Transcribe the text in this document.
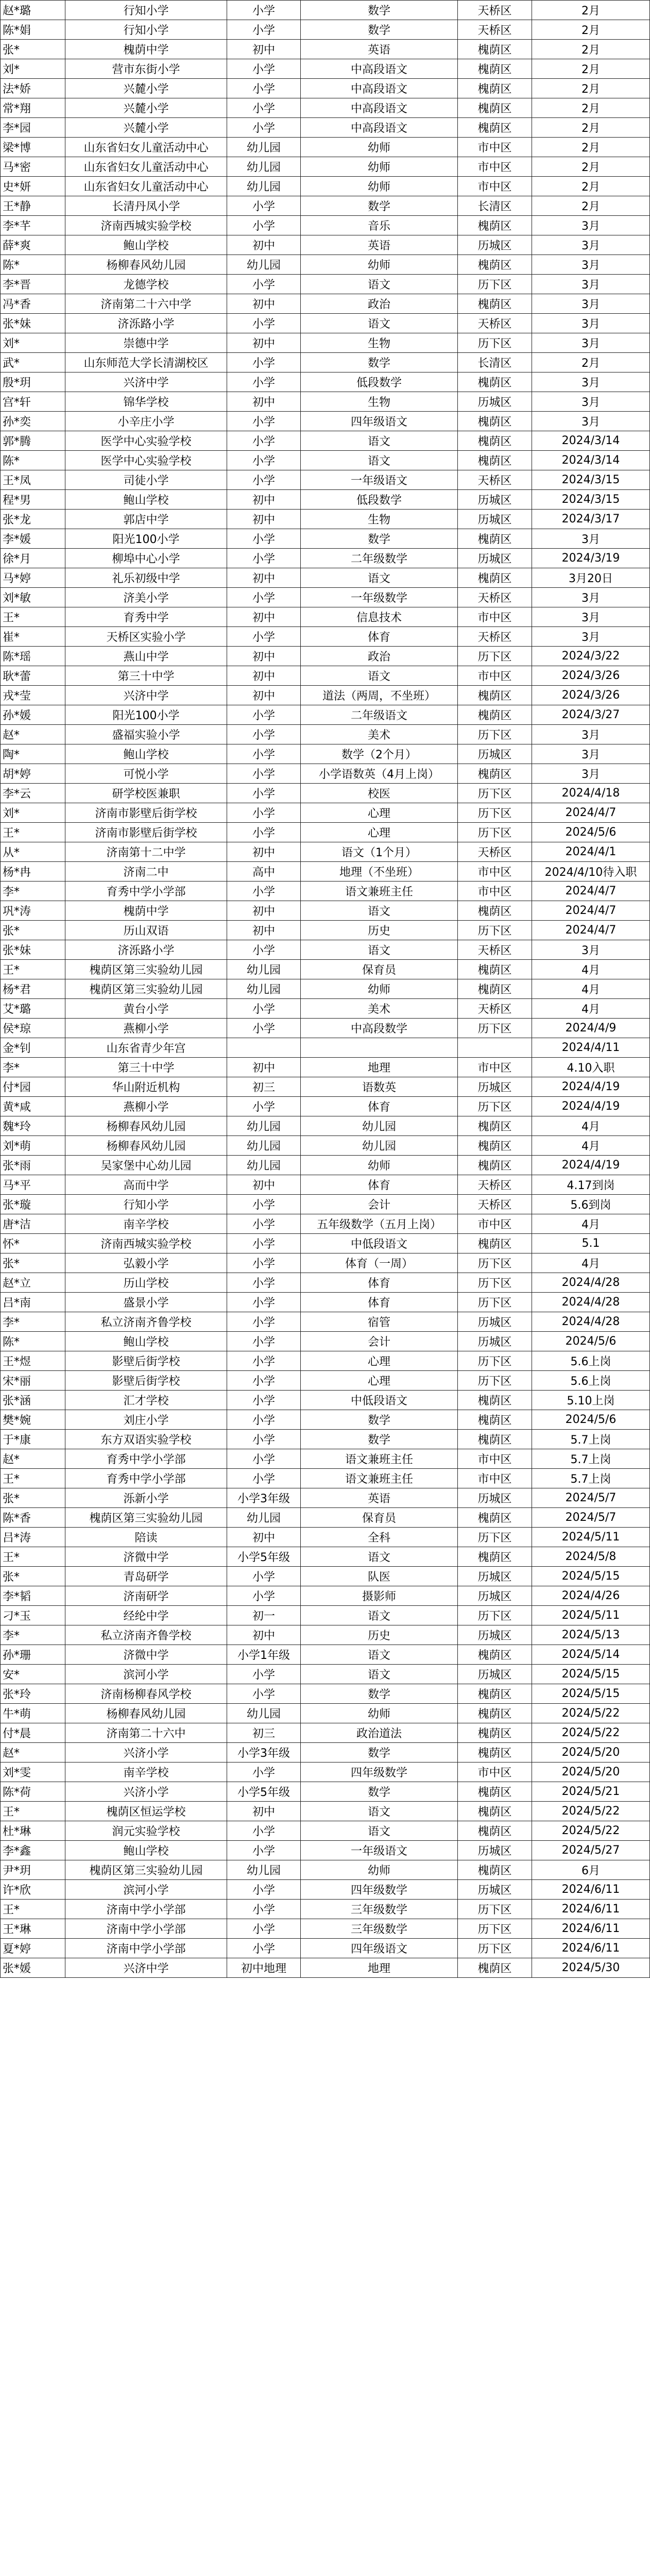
赵*璐	行知小学	小学	数学	天桥区	2月
陈*娟	行知小学	小学	数学	天桥区	2月
张*	槐荫中学	初中	英语	槐荫区	2月
刘*	营市东街小学	小学	中高段语文	槐荫区	2月
法*娇	兴麓小学	小学	中高段语文	槐荫区	2月
常*翔	兴麓小学	小学	中高段语文	槐荫区	2月
李*园	兴麓小学	小学	中高段语文	槐荫区	2月
梁*博	山东省妇女儿童活动中心	幼儿园	幼师	市中区	2月
马*密	山东省妇女儿童活动中心	幼儿园	幼师	市中区	2月
史*妍	山东省妇女儿童活动中心	幼儿园	幼师	市中区	2月
王*静	长清丹凤小学	小学	数学	长清区	2月
李*芊	济南西城实验学校	小学	音乐	槐荫区	3月
薛*爽	鲍山学校	初中	英语	历城区	3月
陈*	杨柳春风幼儿园	幼儿园	幼师	槐荫区	3月
李*晋	龙德学校	小学	语文	历下区	3月
冯*香	济南第二十六中学	初中	政治	槐荫区	3月
张*妹	济泺路小学	小学	语文	天桥区	3月
刘*	崇德中学	初中	生物	历下区	3月
武*	山东师范大学长清湖校区	小学	数学	长清区	2月
殷*玥	兴济中学	小学	低段数学	槐荫区	3月
宫*轩	锦华学校	初中	生物	历城区	3月
孙*奕	小辛庄小学	小学	四年级语文	槐荫区	3月
郭*腾	医学中心实验学校	小学	语文	槐荫区	2024/3/14
陈*	医学中心实验学校	小学	语文	槐荫区	2024/3/14
王*凤	司徒小学	小学	一年级语文	天桥区	2024/3/15
程*男	鲍山学校	初中	低段数学	历城区	2024/3/15
张*龙	郭店中学	初中	生物	历城区	2024/3/17
李*媛	阳光100小学	小学	数学	槐荫区	3月
徐*月	柳埠中心小学	小学	二年级数学	历城区	2024/3/19
马*婷	礼乐初级中学	初中	语文	槐荫区	3月20日
刘*敏	济美小学	小学	一年级数学	天桥区	3月
王*	育秀中学	初中	信息技术	市中区	3月
崔*	天桥区实验小学	小学	体育	天桥区	3月
陈*瑶	燕山中学	初中	政治	历下区	2024/3/22
耿*蕾	第三十中学	初中	语文	市中区	2024/3/26
戎*莹	兴济中学	初中	道法（两周，不坐班）	槐荫区	2024/3/26
孙*媛	阳光100小学	小学	二年级语文	槐荫区	2024/3/27
赵*	盛福实验小学	小学	美术	历下区	3月
陶*	鲍山学校	小学	数学（2个月）	历城区	3月
胡*婷	可悦小学	小学	小学语数英（4月上岗）	槐荫区	3月
李*云	研学校医兼职	小学	校医	历下区	2024/4/18
刘*	济南市影壁后街学校	小学	心理	历下区	2024/4/7
王*	济南市影壁后街学校	小学	心理	历下区	2024/5/6
从*	济南第十二中学	初中	语文（1个月）	天桥区	2024/4/1
杨*冉	济南二中	高中	地理（不坐班）	市中区	2024/4/10待入职
李*	育秀中学小学部	小学	语文兼班主任	市中区	2024/4/7
巩*涛	槐荫中学	初中	语文	槐荫区	2024/4/7
张*	历山双语	初中	历史	历下区	2024/4/7
张*妹	济泺路小学	小学	语文	天桥区	3月
王*	槐荫区第三实验幼儿园	幼儿园	保育员	槐荫区	4月
杨*君	槐荫区第三实验幼儿园	幼儿园	幼师	槐荫区	4月
艾*璐	黄台小学	小学	美术	天桥区	4月
侯*琼	燕柳小学	小学	中高段数学	历下区	2024/4/9
金*钊	山东省青少年宫				2024/4/11
李*	第三十中学	初中	地理	市中区	4.10入职
付*园	华山附近机构	初三	语数英	历城区	2024/4/19
黄*咸	燕柳小学	小学	体育	历下区	2024/4/19
魏*玲	杨柳春风幼儿园	幼儿园	幼儿园	槐荫区	4月
刘*萌	杨柳春风幼儿园	幼儿园	幼儿园	槐荫区	4月
张*雨	吴家堡中心幼儿园	幼儿园	幼师	槐荫区	2024/4/19
马*平	高而中学	初中	体育	天桥区	4.17到岗
张*璇	行知小学	小学	会计	天桥区	5.6到岗
唐*洁	南辛学校	小学	五年级数学（五月上岗）	市中区	4月
怀*	济南西城实验学校	小学	中低段语文	槐荫区	5.1
张*	弘毅小学	小学	体育（一周）	历下区	4月
赵*立	历山学校	小学	体育	历下区	2024/4/28
吕*南	盛景小学	小学	体育	历下区	2024/4/28
李*	私立济南齐鲁学校	小学	宿管	历城区	2024/4/28
陈*	鲍山学校	小学	会计	历城区	2024/5/6
王*煜	影壁后街学校	小学	心理	历下区	5.6上岗
宋*丽	影壁后街学校	小学	心理	历下区	5.6上岗
张*涵	汇才学校	小学	中低段语文	槐荫区	5.10上岗
樊*婉	刘庄小学	小学	数学	槐荫区	2024/5/6
于*康	东方双语实验学校	小学	数学	槐荫区	5.7上岗
赵*	育秀中学小学部	小学	语文兼班主任	市中区	5.7上岗
王*	育秀中学小学部	小学	语文兼班主任	市中区	5.7上岗
张*	泺新小学	小学3年级	英语	历城区	2024/5/7
陈*香	槐荫区第三实验幼儿园	幼儿园	保育员	槐荫区	2024/5/7
吕*涛	陪读	初中	全科	历下区	2024/5/11
王*	济微中学	小学5年级	语文	槐荫区	2024/5/8
张*	青岛研学	小学	队医	历城区	2024/5/15
李*韬	济南研学	小学	摄影师	历城区	2024/4/26
刁*玉	经纶中学	初一	语文	历下区	2024/5/11
李*	私立济南齐鲁学校	初中	历史	历城区	2024/5/13
孙*珊	济微中学	小学1年级	语文	槐荫区	2024/5/14
安*	滨河小学	小学	语文	历城区	2024/5/15
张*玲	济南杨柳春风学校	小学	数学	槐荫区	2024/5/15
牛*萌	杨柳春风幼儿园	幼儿园	幼师	槐荫区	2024/5/22
付*晨	济南第二十六中	初三	政治道法	槐荫区	2024/5/22
赵*	兴济小学	小学3年级	数学	槐荫区	2024/5/20
刘*雯	南辛学校	小学	四年级数学	市中区	2024/5/20
陈*荷	兴济小学	小学5年级	数学	槐荫区	2024/5/21
王*	槐荫区恒运学校	初中	语文	槐荫区	2024/5/22
杜*琳	润元实验学校	小学	语文	槐荫区	2024/5/22
李*鑫	鲍山学校	小学	一年级语文	历城区	2024/5/27
尹*玥	槐荫区第三实验幼儿园	幼儿园	幼师	槐荫区	6月
许*欣	滨河小学	小学	四年级数学	历城区	2024/6/11
王*	济南中学小学部	小学	三年级数学	历下区	2024/6/11
王*琳	济南中学小学部	小学	三年级数学	历下区	2024/6/11
夏*婷	济南中学小学部	小学	四年级语文	历下区	2024/6/11
张*媛	兴济中学	初中地理	地理	槐荫区	2024/5/30
